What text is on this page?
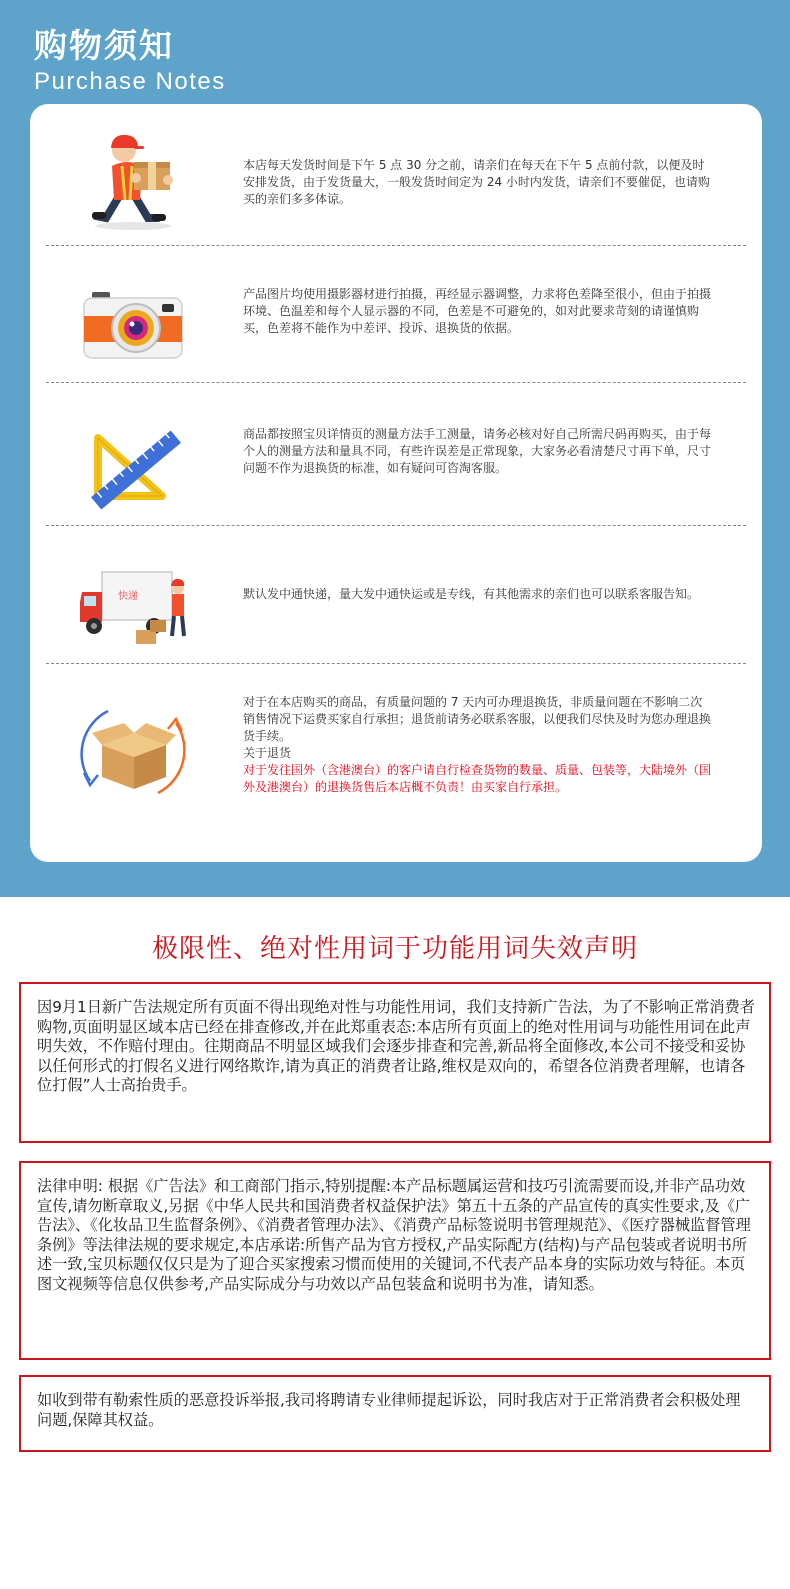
购物须知
Purchase Notes
本店每天发货时间是下午 5 点 30 分之前，请亲们在每天在下午 5 点前付款，以便及时安排发货，由于发货量大，一般发货时间定为 24 小时内发货，请亲们不要催促，也请购买的亲们多多体谅。
产品图片均使用摄影器材进行拍摄，再经显示器调整，力求将色差降至很小，但由于拍摄环境、色温差和每个人显示器的不同，色差是不可避免的，如对此要求苛刻的请谨慎购买，色差将不能作为中差评、投诉、退换货的依据。
商品都按照宝贝详情页的测量方法手工测量，请务必核对好自己所需尺码再购买，由于每个人的测量方法和量具不同，有些许误差是正常现象，大家务必看清楚尺寸再下单，尺寸问题不作为退换货的标准，如有疑问可咨淘客服。
快递	默认发中通快递，量大发中通快运或是专线，有其他需求的亲们也可以联系客服告知。
对于在本店购买的商品，有质量问题的 7 天内可办理退换货，非质量问题在不影响二次销售情况下运费买家自行承担；退货前请务必联系客服，以便我们尽快及时为您办理退换货手续。
关于退货
对于发往国外（含港澳台）的客户请自行检查货物的数量、质量、包装等，大陆境外（国外及港澳台）的退换货售后本店概不负责！由买家自行承担。
极限性、绝对性用词于功能用词失效声明
因9月1日新广告法规定所有页面不得出现绝对性与功能性用词，我们支持新广告法，为了不影响正常消费者购物,页面明显区域本店已经在排查修改,并在此郑重表态:本店所有页面上的绝对性用词与功能性用词在此声明失效，不作赔付理由。往期商品不明显区域我们会逐步排查和完善,新品将全面修改,本公司不接受和妥协以任何形式的打假名义进行网络欺诈,请为真正的消费者让路,维权是双向的，希望各位消费者理解，也请各位打假”人士高抬贵手。
法律申明: 根据《广告法》和工商部门指示,特别提醒:本产品标题属运营和技巧引流需要而设,并非产品功效宣传,请勿断章取义,另据《中华人民共和国消费者权益保护法》第五十五条的产品宣传的真实性要求,及《广告法》、《化妆品卫生监督条例》、《消费者管理办法》、《消费产品标签说明书管理规范》、《医疗器械监督管理条例》等法律法规的要求规定,本店承诺:所售产品为官方授权,产品实际配方(结构)与产品包装或者说明书所述一致,宝贝标题仅仅只是为了迎合买家搜索习惯而使用的关键词,不代表产品本身的实际功效与特征。本页图文视频等信息仅供参考,产品实际成分与功效以产品包装盒和说明书为准，请知悉。
如收到带有勒索性质的恶意投诉举报,我司将聘请专业律师提起诉讼，同时我店对于正常消费者会积极处理问题,保障其权益。
